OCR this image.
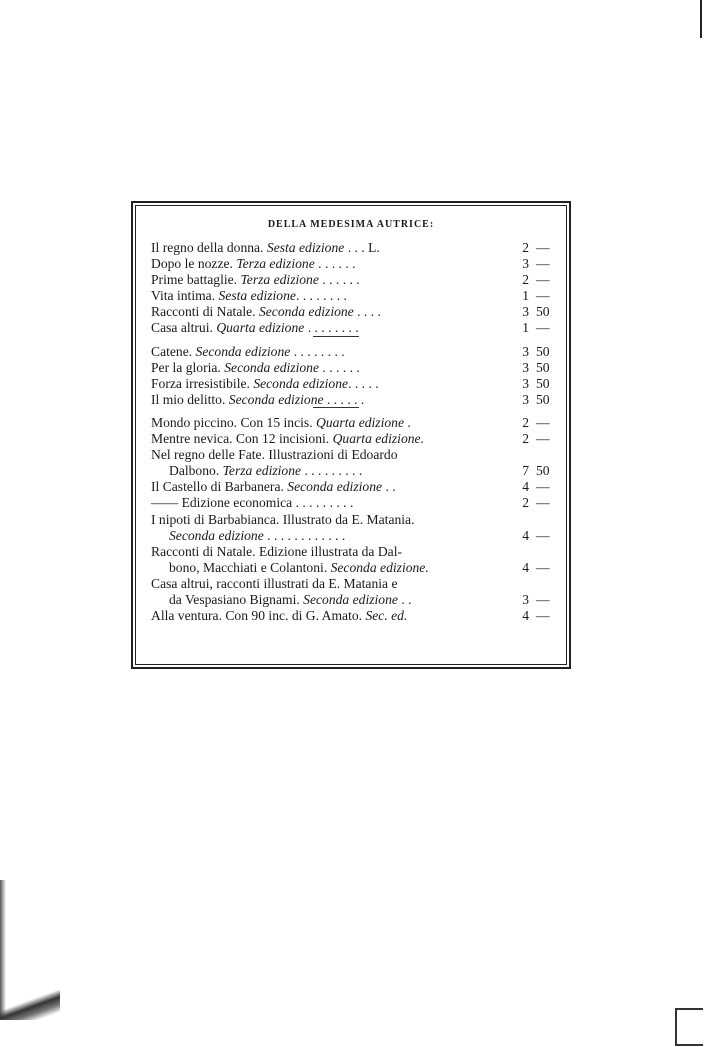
DELLA MEDESIMA AUTRICE:
Il regno della donna. Sesta edizione . . . L.	2 —
Dopo le nozze. Terza edizione . . . . . .	3 —
Prime battaglie. Terza edizione . . . . . .	2 —
Vita intima. Sesta edizione. . . . . . . .	1 —
Racconti di Natale. Seconda edizione . . . .	3 50
Casa altrui. Quarta edizione . . . . . . . .	1 —
Catene. Seconda edizione . . . . . . . .	3 50
Per la gloria. Seconda edizione . . . . . .	3 50
Forza irresistibile. Seconda edizione. . . . .	3 50
Il mio delitto. Seconda edizione . . . . . .	3 50
Mondo piccino. Con 15 incis. Quarta edizione .	2 —
Mentre nevica. Con 12 incisioni. Quarta edizione.	2 —
Nel regno delle Fate. Illustrazioni di Edoardo
Dalbono. Terza edizione . . . . . . . . .	7 50
Il Castello di Barbanera. Seconda edizione . .	4 —
—— Edizione economica . . . . . . . . .	2 —
I nipoti di Barbabianca. Illustrato da E. Matania.
Seconda edizione . . . . . . . . . . . .	4 —
Racconti di Natale. Edizione illustrata da Dal-
bono, Macchiati e Colantoni. Seconda edizione.	4 —
Casa altrui, racconti illustrati da E. Matania e
da Vespasiano Bignami. Seconda edizione . .	3 —
Alla ventura. Con 90 inc. di G. Amato. Sec. ed.	4 —
